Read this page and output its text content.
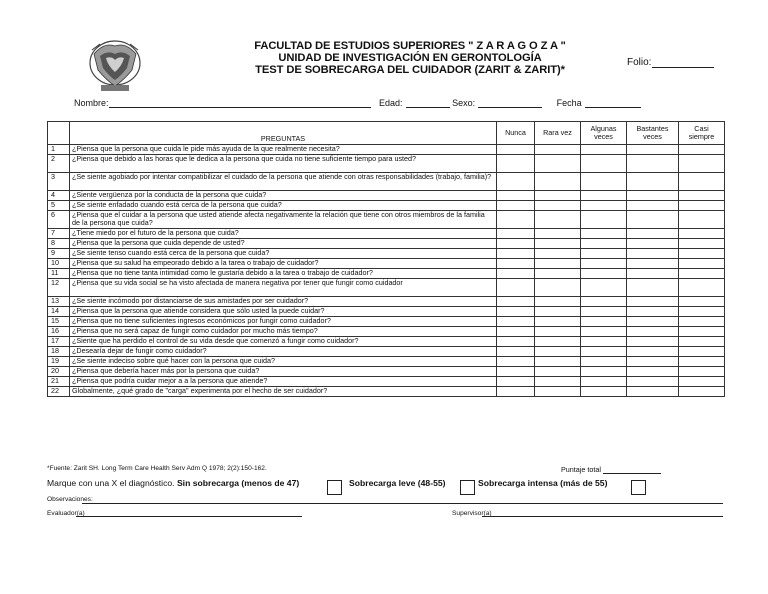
FACULTAD DE ESTUDIOS SUPERIORES " Z A R A G O Z A "
UNIDAD DE INVESTIGACIÓN EN GERONTOLOGÍA
TEST DE SOBRECARGA DEL CUIDADOR (ZARIT & ZARIT)*
Folio:
Nombre:	Edad:	Sexo:	Fecha
	PREGUNTAS	Nunca	Rara vez	Algunas veces	Bastantes veces	Casi siempre
1	¿Piensa que la persona que cuida le pide más ayuda de la que realmente necesita?					
2	¿Piensa que debido a las horas que le dedica a la persona que cuida no tiene suficiente tiempo para usted?					
3	¿Se siente agobiado por intentar compatibilizar el cuidado de la persona que atiende con otras responsabilidades (trabajo, familia)?					
4	¿Siente vergüenza por la conducta de la persona que cuida?					
5	¿Se siente enfadado cuando está cerca de la persona que cuida?					
6	¿Piensa que el cuidar a la persona que usted atiende afecta negativamente la relación que tiene con otros miembros de la familia de la persona que cuida?					
7	¿Tiene miedo por el futuro de la persona que cuida?					
8	¿Piensa que la persona que cuida depende de usted?					
9	¿Se siente tenso cuando está cerca de la persona que cuida?					
10	¿Piensa que su salud ha empeorado debido a la tarea o trabajo de cuidador?					
11	¿Piensa que no tiene tanta intimidad como le gustaría debido a la tarea o trabajo de cuidador?					
12	¿Piensa que su vida social se ha visto afectada de manera negativa por tener que fungir como cuidador					
13	¿Se siente incómodo por distanciarse de sus amistades por ser cuidador?					
14	¿Piensa que la persona que atiende considera que sólo usted la puede cuidar?					
15	¿Piensa que no tiene suficientes ingresos económicos por fungir como cuidador?					
16	¿Piensa que no será capaz de fungir como cuidador por mucho más tiempo?					
17	¿Siente que ha perdido el control de su vida desde que comenzó a fungir como cuidador?					
18	¿Desearía dejar de fungir como cuidador?					
19	¿Se siente indeciso sobre qué hacer con la persona que cuida?					
20	¿Piensa que debería hacer más por la persona que cuida?					
21	¿Piensa que podría cuidar mejor a a la persona que atiende?					
22	Globalmente, ¿qué grado de "carga" experimenta por el hecho de ser cuidador?					
*Fuente: Zarit SH. Long Term Care Health Serv Adm Q 1978; 2(2):150-162.	Puntaje total
Marque con una X el diagnóstico. Sin sobrecarga (menos de 47)	Sobrecarga leve (48-55)	Sobrecarga intensa (más de 55)
Observaciones:
Evaluador(a)	Supervisor(a)
